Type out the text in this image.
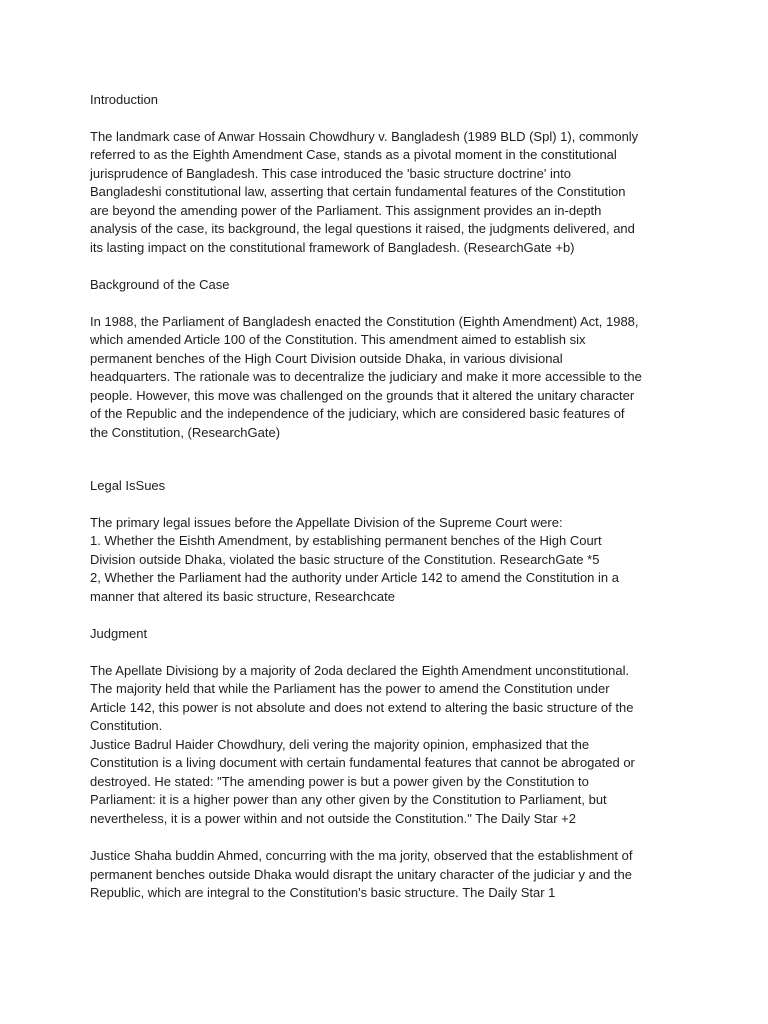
Introduction
The landmark case of Anwar Hossain Chowdhury v. Bangladesh (1989 BLD (Spl) 1), commonly
referred to as the Eighth Amendment Case, stands as a pivotal moment in the constitutional
jurisprudence of Bangladesh. This case introduced the 'basic structure doctrine' into
Bangladeshi constitutional law, asserting that certain fundamental features of the Constitution
are beyond the amending power of the Parliament. This assignment provides an in-depth
analysis of the case, its background, the legal questions it raised, the judgments delivered, and
its lasting impact on the constitutional framework of Bangladesh. (ResearchGate +b)
Background of the Case
In 1988, the Parliament of Bangladesh enacted the Constitution (Eighth Amendment) Act, 1988,
which amended Article 100 of the Constitution. This amendment aimed to establish six
permanent benches of the High Court Division outside Dhaka, in various divisional
headquarters. The rationale was to decentralize the judiciary and make it more accessible to the
people. However, this move was challenged on the grounds that it altered the unitary character
of the Republic and the independence of the judiciary, which are considered basic features of
the Constitution, (ResearchGate)
Legal IsSues
The primary legal issues before the Appellate Division of the Supreme Court were:
1. Whether the Eishth Amendment, by establishing permanent benches of the High Court
Division outside Dhaka, violated the basic structure of the Constitution. ResearchGate *5
2, Whether the Parliament had the authority under Article 142 to amend the Constitution in a
manner that altered its basic structure, Researchcate
Judgment
The Apellate Divisiong by a majority of 2oda declared the Eighth Amendment unconstitutional.
The majority held that while the Parliament has the power to amend the Constitution under
Article 142, this power is not absolute and does not extend to altering the basic structure of the
Constitution.
Justice Badrul Haider Chowdhury, deli vering the majority opinion, emphasized that the
Constitution is a living document with certain fundamental features that cannot be abrogated or
destroyed. He stated: "The amending power is but a power given by the Constitution to
Parliament: it is a higher power than any other given by the Constitution to Parliament, but
nevertheless, it is a power within and not outside the Constitution." The Daily Star +2
Justice Shaha buddin Ahmed, concurring with the ma jority, observed that the establishment of
permanent benches outside Dhaka would disrapt the unitary character of the judiciar y and the
Republic, which are integral to the Constitution's basic structure. The Daily Star 1
